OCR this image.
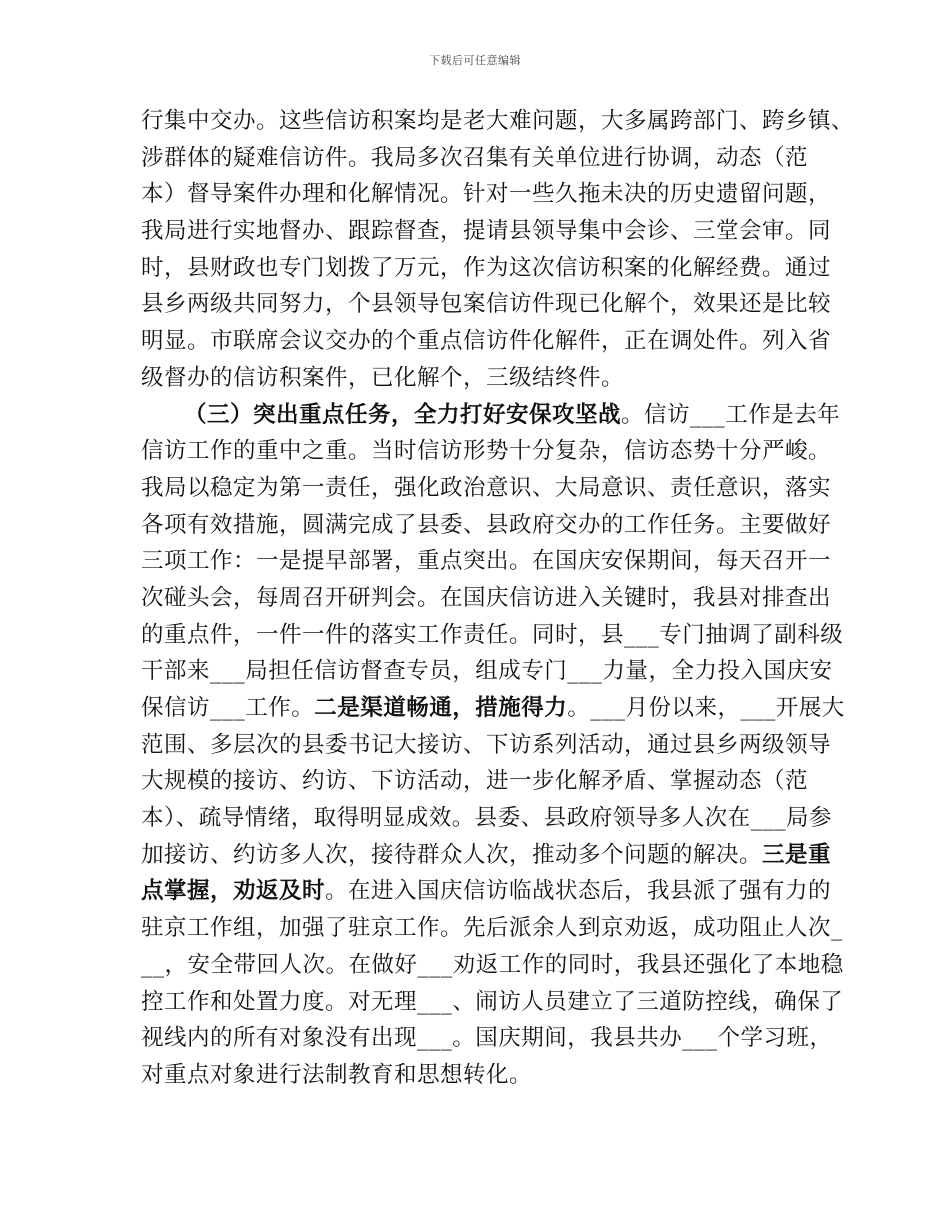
下载后可任意编辑
行集中交办。这些信访积案均是老大难问题，大多属跨部门、跨乡镇、
涉群体的疑难信访件。我局多次召集有关单位进行协调，动态（范
本）督导案件办理和化解情况。针对一些久拖未决的历史遗留问题，
我局进行实地督办、跟踪督查，提请县领导集中会诊、三堂会审。同
时，县财政也专门划拨了万元，作为这次信访积案的化解经费。通过
县乡两级共同努力，个县领导包案信访件现已化解个，效果还是比较
明显。市联席会议交办的个重点信访件化解件，正在调处件。列入省
级督办的信访积案件，已化解个，三级结终件。
（三）突出重点任务，全力打好安保攻坚战。信访___工作是去年
信访工作的重中之重。当时信访形势十分复杂，信访态势十分严峻。
我局以稳定为第一责任，强化政治意识、大局意识、责任意识，落实
各项有效措施，圆满完成了县委、县政府交办的工作任务。主要做好
三项工作：一是提早部署，重点突出。在国庆安保期间，每天召开一
次碰头会，每周召开研判会。在国庆信访进入关键时，我县对排查出
的重点件，一件一件的落实工作责任。同时，县___专门抽调了副科级
干部来___局担任信访督查专员，组成专门___力量，全力投入国庆安
保信访___工作。二是渠道畅通，措施得力。___月份以来，___开展大
范围、多层次的县委书记大接访、下访系列活动，通过县乡两级领导
大规模的接访、约访、下访活动，进一步化解矛盾、掌握动态（范
本）、疏导情绪，取得明显成效。县委、县政府领导多人次在___局参
加接访、约访多人次，接待群众人次，推动多个问题的解决。三是重
点掌握，劝返及时。在进入国庆信访临战状态后，我县派了强有力的
驻京工作组，加强了驻京工作。先后派余人到京劝返，成功阻止人次_
__，安全带回人次。在做好___劝返工作的同时，我县还强化了本地稳
控工作和处置力度。对无理___、闹访人员建立了三道防控线，确保了
视线内的所有对象没有出现___。国庆期间，我县共办___个学习班，
对重点对象进行法制教育和思想转化。
